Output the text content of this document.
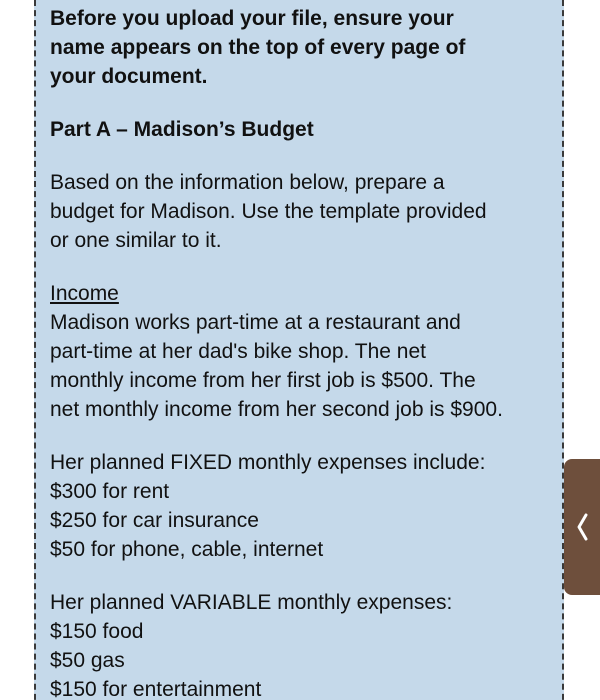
Before you upload your file, ensure your
name appears on the top of every page of
your document.

Part A – Madison’s Budget

Based on the information below, prepare a
budget for Madison. Use the template provided
or one similar to it.

Income
Madison works part-time at a restaurant and
part-time at her dad's bike shop. The net
monthly income from her first job is $500. The
net monthly income from her second job is $900.

Her planned FIXED monthly expenses include:
$300 for rent
$250 for car insurance
$50 for phone, cable, internet

Her planned VARIABLE monthly expenses:
$150 food
$50 gas
$150 for entertainment
